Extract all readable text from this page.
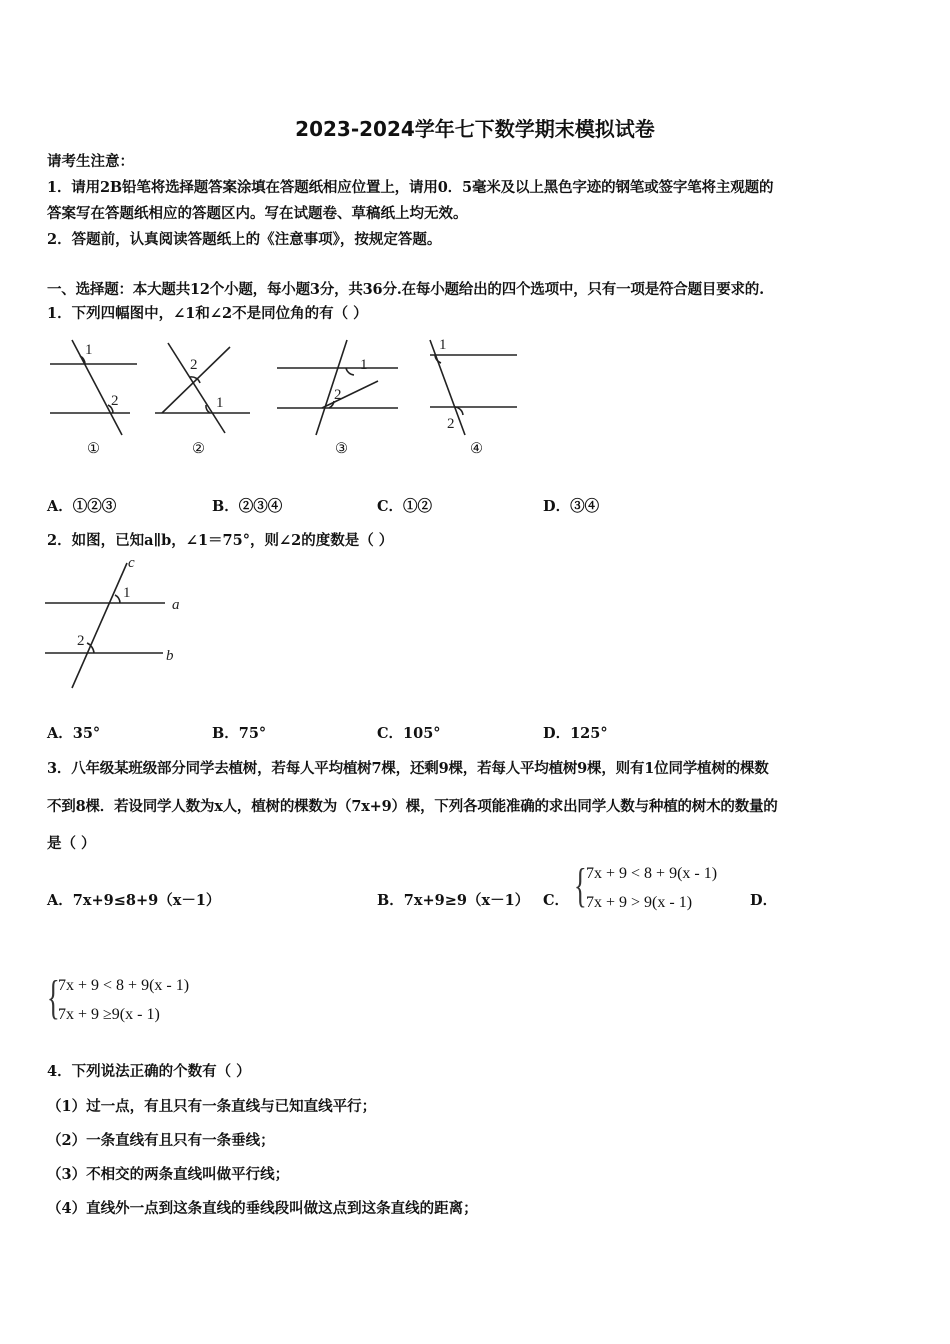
2023-2024学年七下数学期末模拟试卷
请考生注意：
1．请用2B铅笔将选择题答案涂填在答题纸相应位置上，请用0．5毫米及以上黑色字迹的钢笔或签字笔将主观题的
答案写在答题纸相应的答题区内。写在试题卷、草稿纸上均无效。
2．答题前，认真阅读答题纸上的《注意事项》，按规定答题。
一、选择题：本大题共12个小题，每小题3分，共36分.在每小题给出的四个选项中，只有一项是符合题目要求的.
1．下列四幅图中，∠1和∠2不是同位角的有（ ）
1
2
①
2
1
②
1
2
③
1
2
④
A．①②③	B．②③④	C．①②	D．③④
2．如图，已知a∥b，∠1＝75°，则∠2的度数是（ ）
c
a
b
1
2
A．35°	B．75°	C．105°	D．125°
3．八年级某班级部分同学去植树，若每人平均植树7棵，还剩9棵，若每人平均植树9棵，则有1位同学植树的棵数
不到8棵．若设同学人数为x人，植树的棵数为（7x+9）棵，下列各项能准确的求出同学人数与种植的树木的数量的
是（ ）
A．7x+9≤8+9（x－1）	B．7x+9≥9（x－1） C． { 7x + 9 < 8 + 9(x - 1)
7x + 9 > 9(x - 1)	D．
{
7x + 9 < 8 + 9(x - 1)
7x + 9 ≥9(x - 1)
4．下列说法正确的个数有（ ）
（1）过一点，有且只有一条直线与已知直线平行；
（2）一条直线有且只有一条垂线；
（3）不相交的两条直线叫做平行线；
（4）直线外一点到这条直线的垂线段叫做这点到这条直线的距离；
